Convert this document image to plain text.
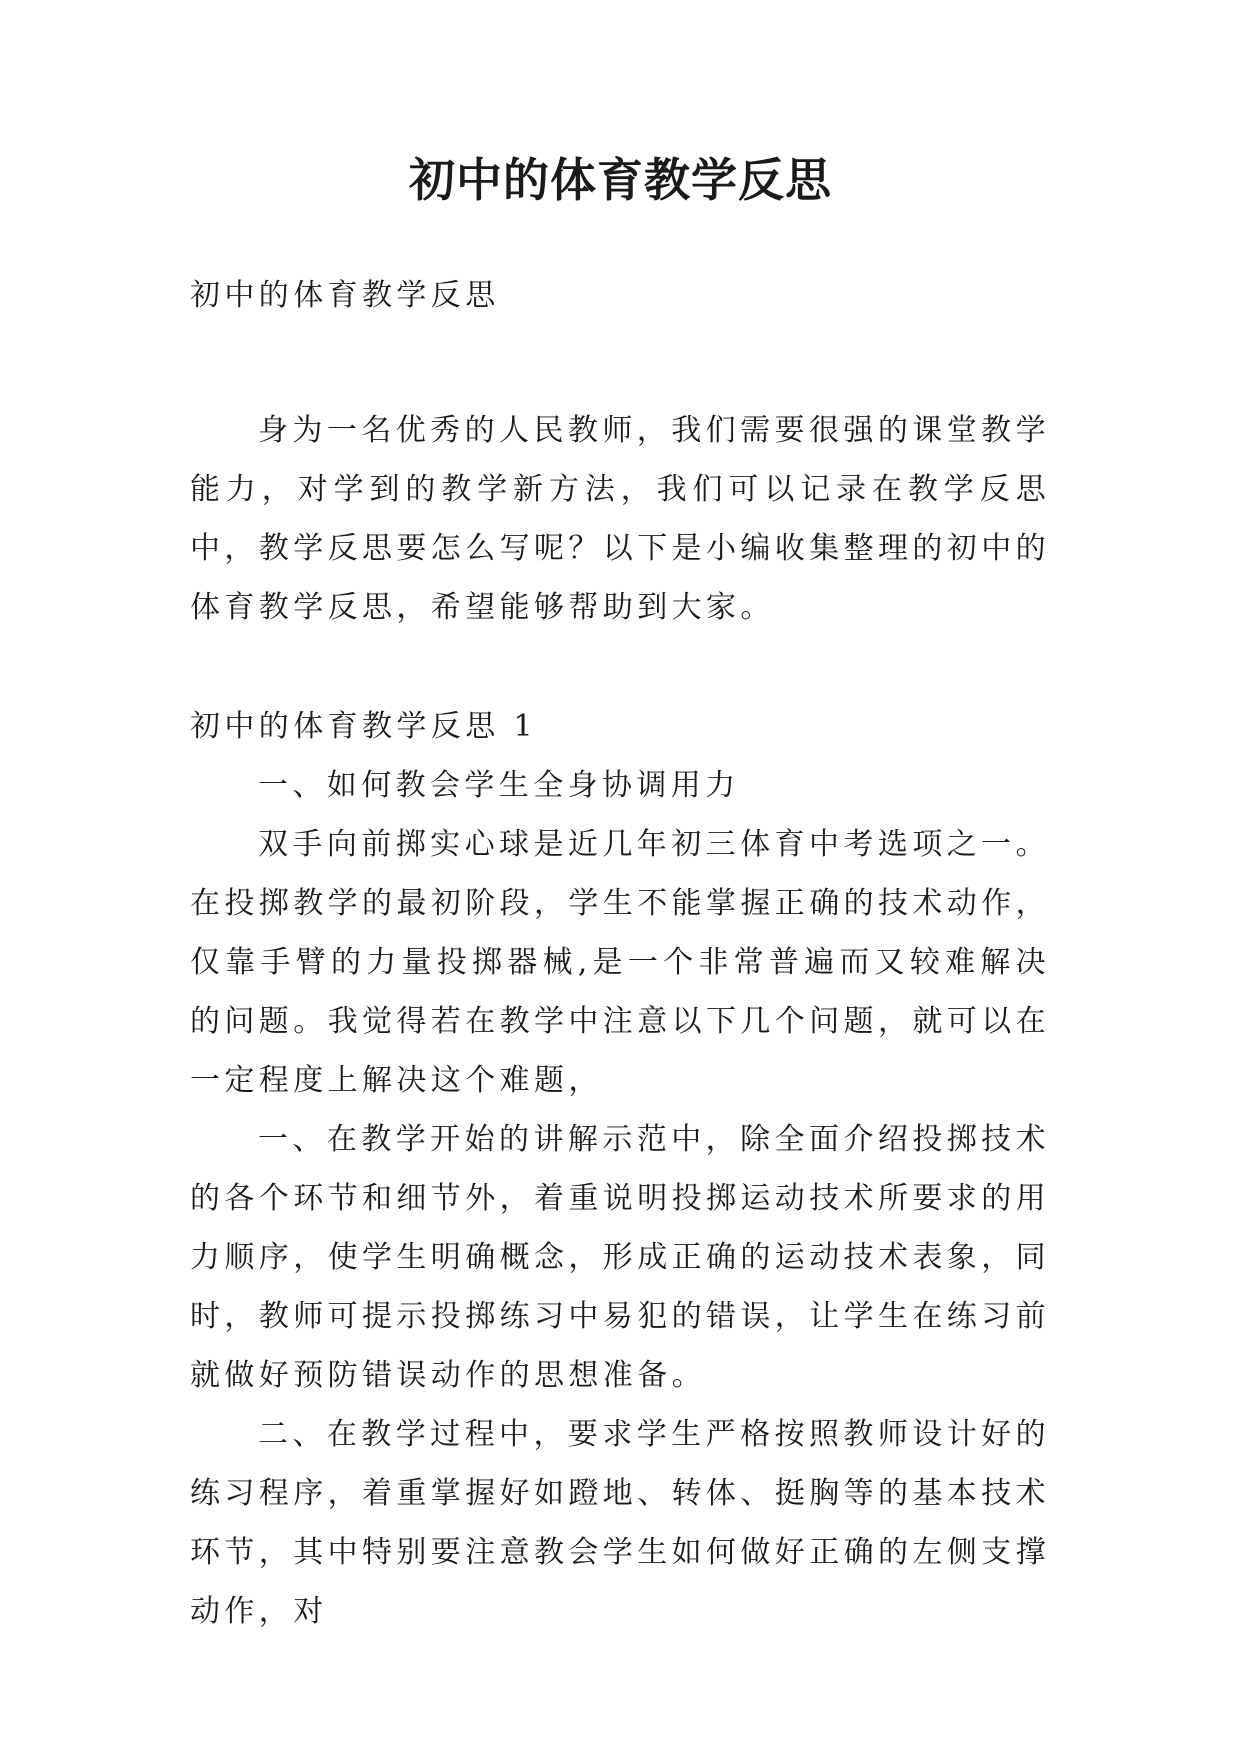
初中的体育教学反思

初中的体育教学反思

身为一名优秀的人民教师，我们需要很强的课堂教学能力，对学到的教学新方法，我们可以记录在教学反思中，教学反思要怎么写呢？以下是小编收集整理的初中的体育教学反思，希望能够帮助到大家。

初中的体育教学反思 1

一、如何教会学生全身协调用力

双手向前掷实心球是近几年初三体育中考选项之一。在投掷教学的最初阶段，学生不能掌握正确的技术动作，仅靠手臂的力量投掷器械,是一个非常普遍而又较难解决的问题。我觉得若在教学中注意以下几个问题，就可以在一定程度上解决这个难题，

一、在教学开始的讲解示范中，除全面介绍投掷技术的各个环节和细节外，着重说明投掷运动技术所要求的用力顺序，使学生明确概念，形成正确的运动技术表象，同时，教师可提示投掷练习中易犯的错误，让学生在练习前就做好预防错误动作的思想准备。

二、在教学过程中，要求学生严格按照教师设计好的练习程序，着重掌握好如蹬地、转体、挺胸等的基本技术环节，其中特别要注意教会学生如何做好正确的左侧支撑动作，对
